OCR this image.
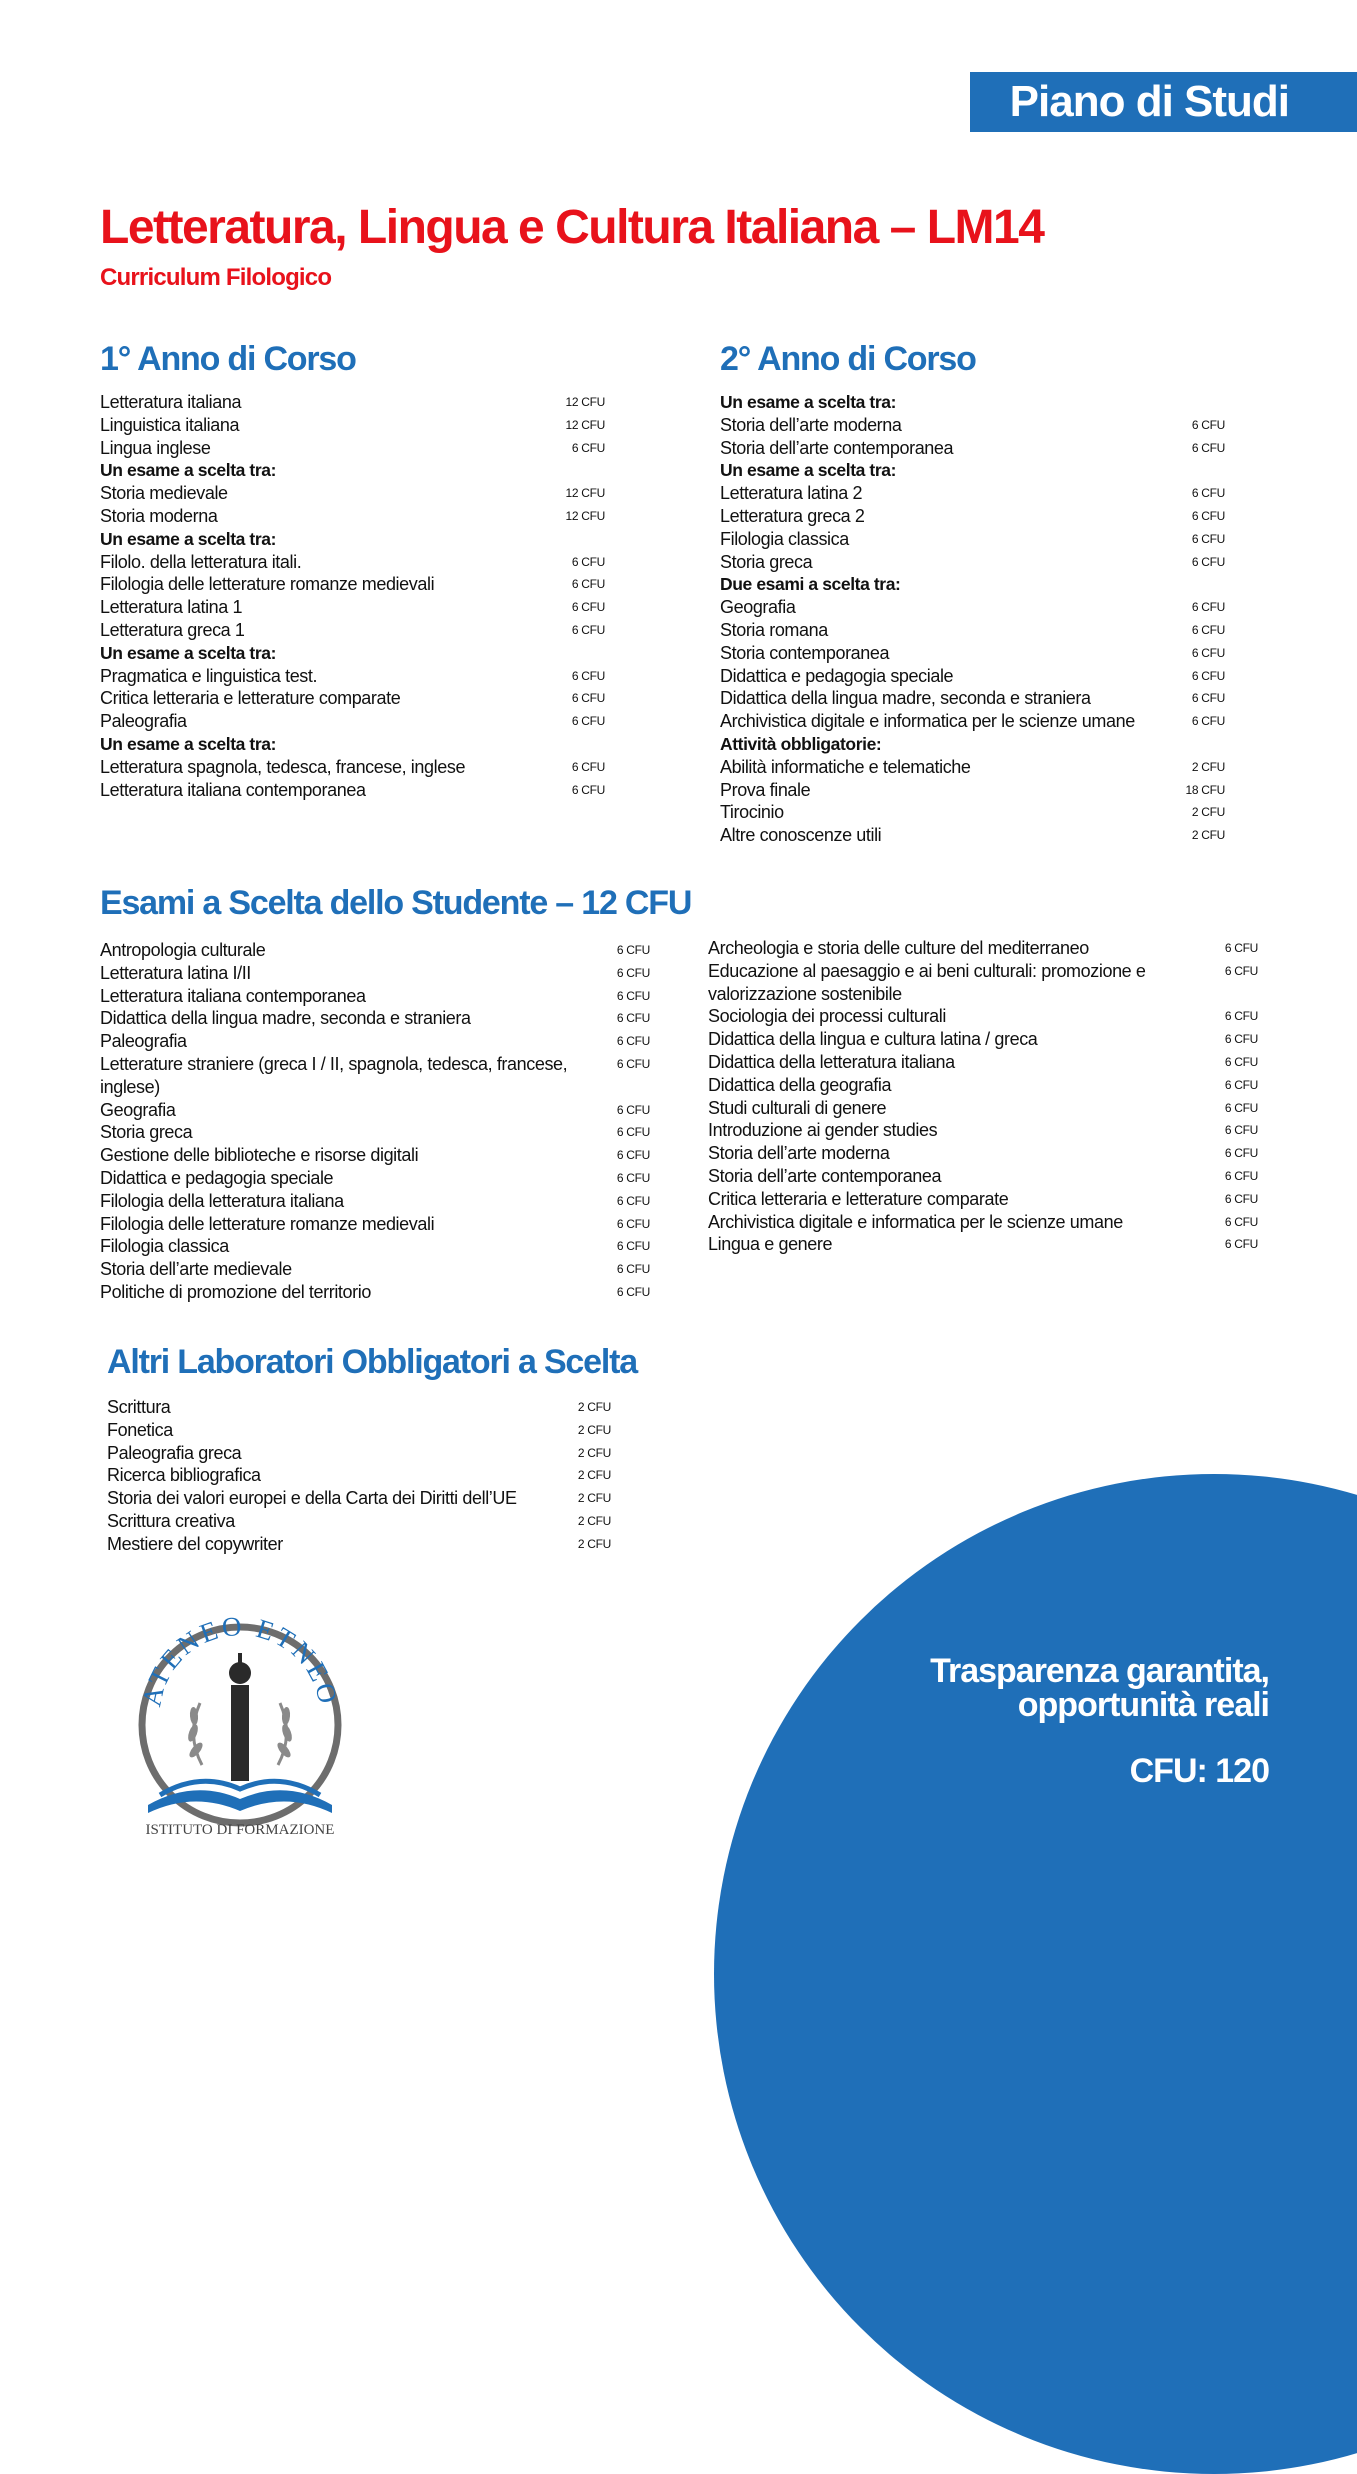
Piano di Studi
Letteratura, Lingua e Cultura Italiana – LM14
Curriculum Filologico
1° Anno di Corso
Letteratura italiana	12 CFU
Linguistica italiana	12 CFU
Lingua inglese	6 CFU
Un esame a scelta tra:
Storia medievale	12 CFU
Storia moderna	12 CFU
Un esame a scelta tra:
Filolo. della letteratura itali.	6 CFU
Filologia delle letterature romanze medievali	6 CFU
Letteratura latina 1	6 CFU
Letteratura greca 1	6 CFU
Un esame a scelta tra:
Pragmatica e linguistica test.	6 CFU
Critica letteraria e letterature comparate	6 CFU
Paleografia	6 CFU
Un esame a scelta tra:
Letteratura spagnola, tedesca, francese, inglese	6 CFU
Letteratura italiana contemporanea	6 CFU
2° Anno di Corso
Un esame a scelta tra:
Storia dell’arte moderna	6 CFU
Storia dell’arte contemporanea	6 CFU
Un esame a scelta tra:
Letteratura latina 2	6 CFU
Letteratura greca 2	6 CFU
Filologia classica	6 CFU
Storia greca	6 CFU
Due esami a scelta tra:
Geografia	6 CFU
Storia romana	6 CFU
Storia contemporanea	6 CFU
Didattica e pedagogia speciale	6 CFU
Didattica della lingua madre, seconda e straniera	6 CFU
Archivistica digitale e informatica per le scienze umane	6 CFU
Attività obbligatorie:
Abilità informatiche e telematiche	2 CFU
Prova finale	18 CFU
Tirocinio	2 CFU
Altre conoscenze utili	2 CFU
Esami a Scelta dello Studente – 12 CFU
Antropologia culturale	6 CFU
Letteratura latina I/II	6 CFU
Letteratura italiana contemporanea	6 CFU
Didattica della lingua madre, seconda e straniera	6 CFU
Paleografia	6 CFU
Letterature straniere (greca I / II, spagnola, tedesca, francese, inglese)
6 CFU
Geografia	6 CFU
Storia greca	6 CFU
Gestione delle biblioteche e risorse digitali	6 CFU
Didattica e pedagogia speciale	6 CFU
Filologia della letteratura italiana	6 CFU
Filologia delle letterature romanze medievali	6 CFU
Filologia classica	6 CFU
Storia dell’arte medievale	6 CFU
Politiche di promozione del territorio	6 CFU
Archeologia e storia delle culture del mediterraneo	6 CFU
Educazione al paesaggio e ai beni culturali: promozione e valorizzazione sostenibile
6 CFU
Sociologia dei processi culturali	6 CFU
Didattica della lingua e cultura latina / greca	6 CFU
Didattica della letteratura italiana	6 CFU
Didattica della geografia	6 CFU
Studi culturali di genere	6 CFU
Introduzione ai gender studies	6 CFU
Storia dell’arte moderna	6 CFU
Storia dell’arte contemporanea	6 CFU
Critica letteraria e letterature comparate	6 CFU
Archivistica digitale e informatica per le scienze umane	6 CFU
Lingua e genere	6 CFU
Altri Laboratori Obbligatori a Scelta
Scrittura	2 CFU
Fonetica	2 CFU
Paleografia greca	2 CFU
Ricerca bibliografica	2 CFU
Storia dei valori europei e della Carta dei Diritti dell’UE	2 CFU
Scrittura creativa	2 CFU
Mestiere del copywriter	2 CFU
Trasparenza garantita,
opportunità reali
CFU: 120
ATENEO ETNEO
ISTITUTO DI FORMAZIONE
